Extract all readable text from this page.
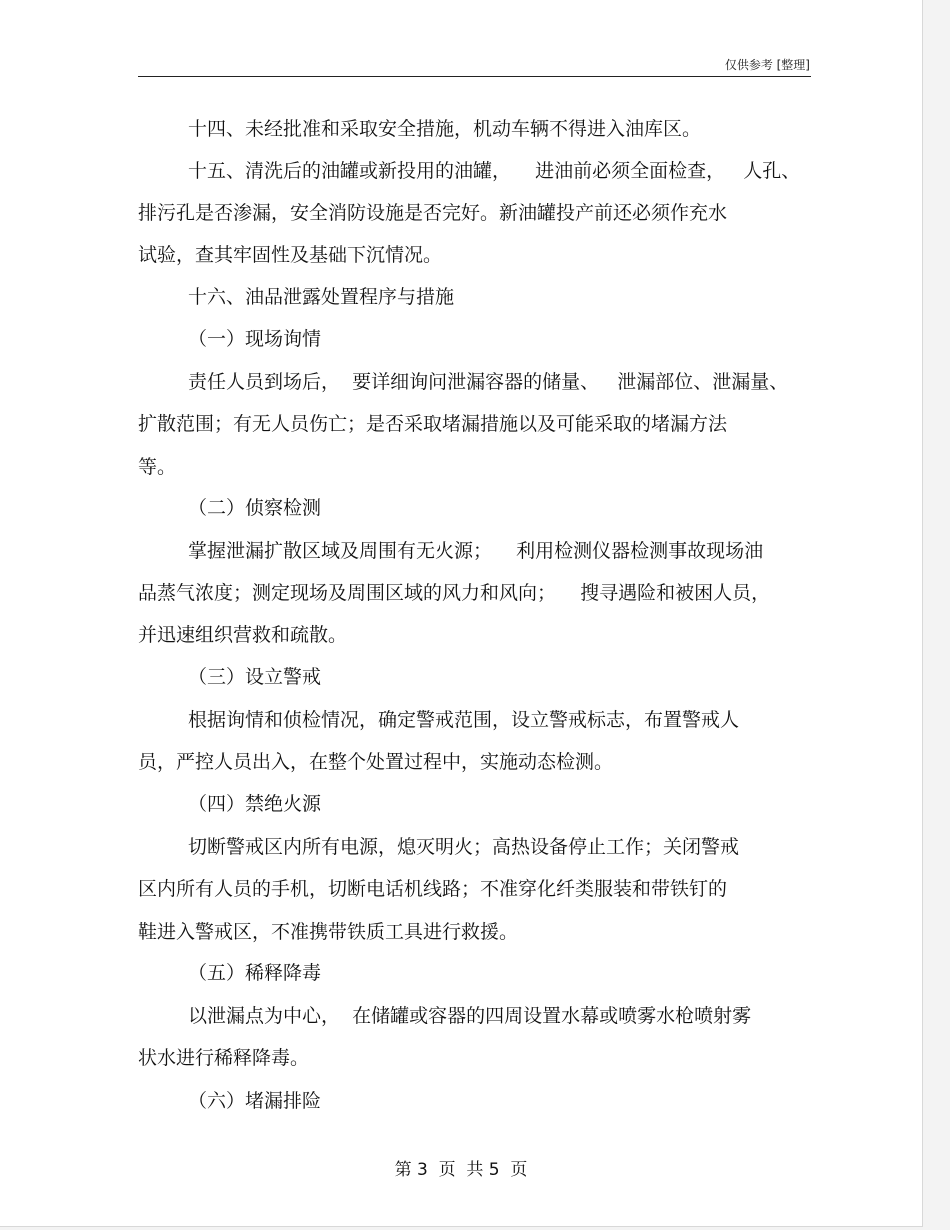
仅供参考 [整理]
十四、未经批准和采取安全措施，机动车辆不得进入油库区。
十五、清洗后的油罐或新投用的油罐，    进油前必须全面检查，   人孔、
排污孔是否渗漏，安全消防设施是否完好。新油罐投产前还必须作充水
试验，查其牢固性及基础下沉情况。
十六、油品泄露处置程序与措施
（一）现场询情
责任人员到场后，  要详细询问泄漏容器的储量、   泄漏部位、泄漏量、
扩散范围；有无人员伤亡；是否采取堵漏措施以及可能采取的堵漏方法
等。
（二）侦察检测
掌握泄漏扩散区域及周围有无火源；    利用检测仪器检测事故现场油
品蒸气浓度；测定现场及周围区域的风力和风向；    搜寻遇险和被困人员，
并迅速组织营救和疏散。
（三）设立警戒
根据询情和侦检情况，确定警戒范围，设立警戒标志，布置警戒人
员，严控人员出入，在整个处置过程中，实施动态检测。
（四）禁绝火源
切断警戒区内所有电源，熄灭明火；高热设备停止工作；关闭警戒
区内所有人员的手机，切断电话机线路；不准穿化纤类服装和带铁钉的
鞋进入警戒区，不准携带铁质工具进行救援。
（五）稀释降毒
以泄漏点为中心，  在储罐或容器的四周设置水幕或喷雾水枪喷射雾
状水进行稀释降毒。
（六）堵漏排险
第 3  页  共 5  页
